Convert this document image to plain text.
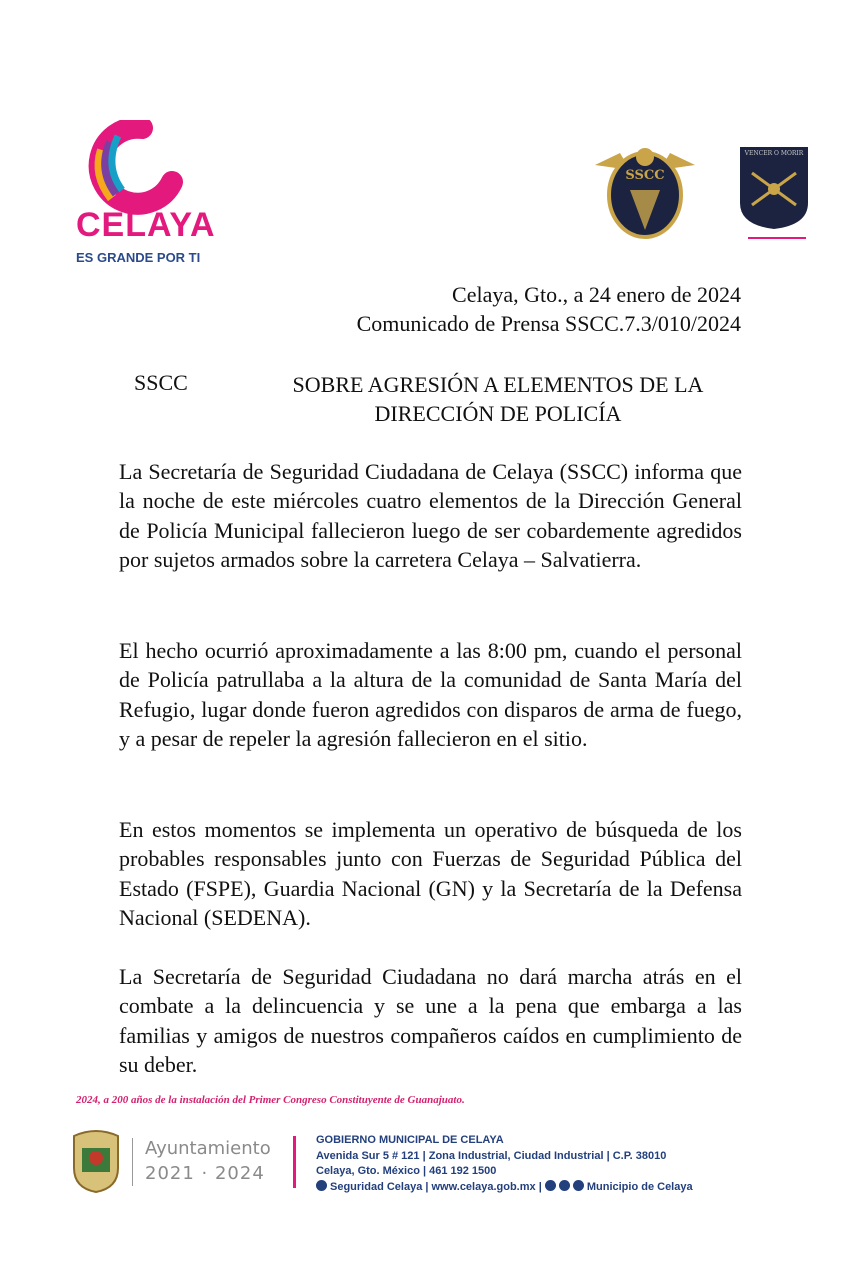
CELAYA
ES GRANDE POR TI
SSCC
VENCER O MORIR
Celaya, Gto., a 24 enero de 2024
Comunicado de Prensa SSCC.7.3/010/2024
SSCC	SOBRE AGRESIÓN A ELEMENTOS DE LA DIRECCIÓN DE POLICÍA
La Secretaría de Seguridad Ciudadana de Celaya (SSCC) informa que la noche de este miércoles cuatro elementos de la Dirección General de Policía Municipal fallecieron luego de ser cobardemente agredidos por sujetos armados sobre la carretera Celaya – Salvatierra.
El hecho ocurrió aproximadamente a las 8:00 pm, cuando el personal de Policía patrullaba a la altura de la comunidad de Santa María del Refugio, lugar donde fueron agredidos con disparos de arma de fuego, y a pesar de repeler la agresión fallecieron en el sitio.
En estos momentos se implementa un operativo de búsqueda de los probables responsables junto con Fuerzas de Seguridad Pública del Estado (FSPE), Guardia Nacional (GN) y la Secretaría de la Defensa Nacional (SEDENA).
La Secretaría de Seguridad Ciudadana no dará marcha atrás en el combate a la delincuencia y se une a la pena que embarga a las familias y amigos de nuestros compañeros caídos en cumplimiento de su deber.
2024, a 200 años de la instalación del Primer Congreso Constituyente de Guanajuato.
Ayuntamiento
2021 · 2024
GOBIERNO MUNICIPAL DE CELAYA
Avenida Sur 5 # 121 | Zona Industrial, Ciudad Industrial | C.P. 38010
Celaya, Gto. México | 461 192 1500
Seguridad Celaya | www.celaya.gob.mx |	Municipio de Celaya
